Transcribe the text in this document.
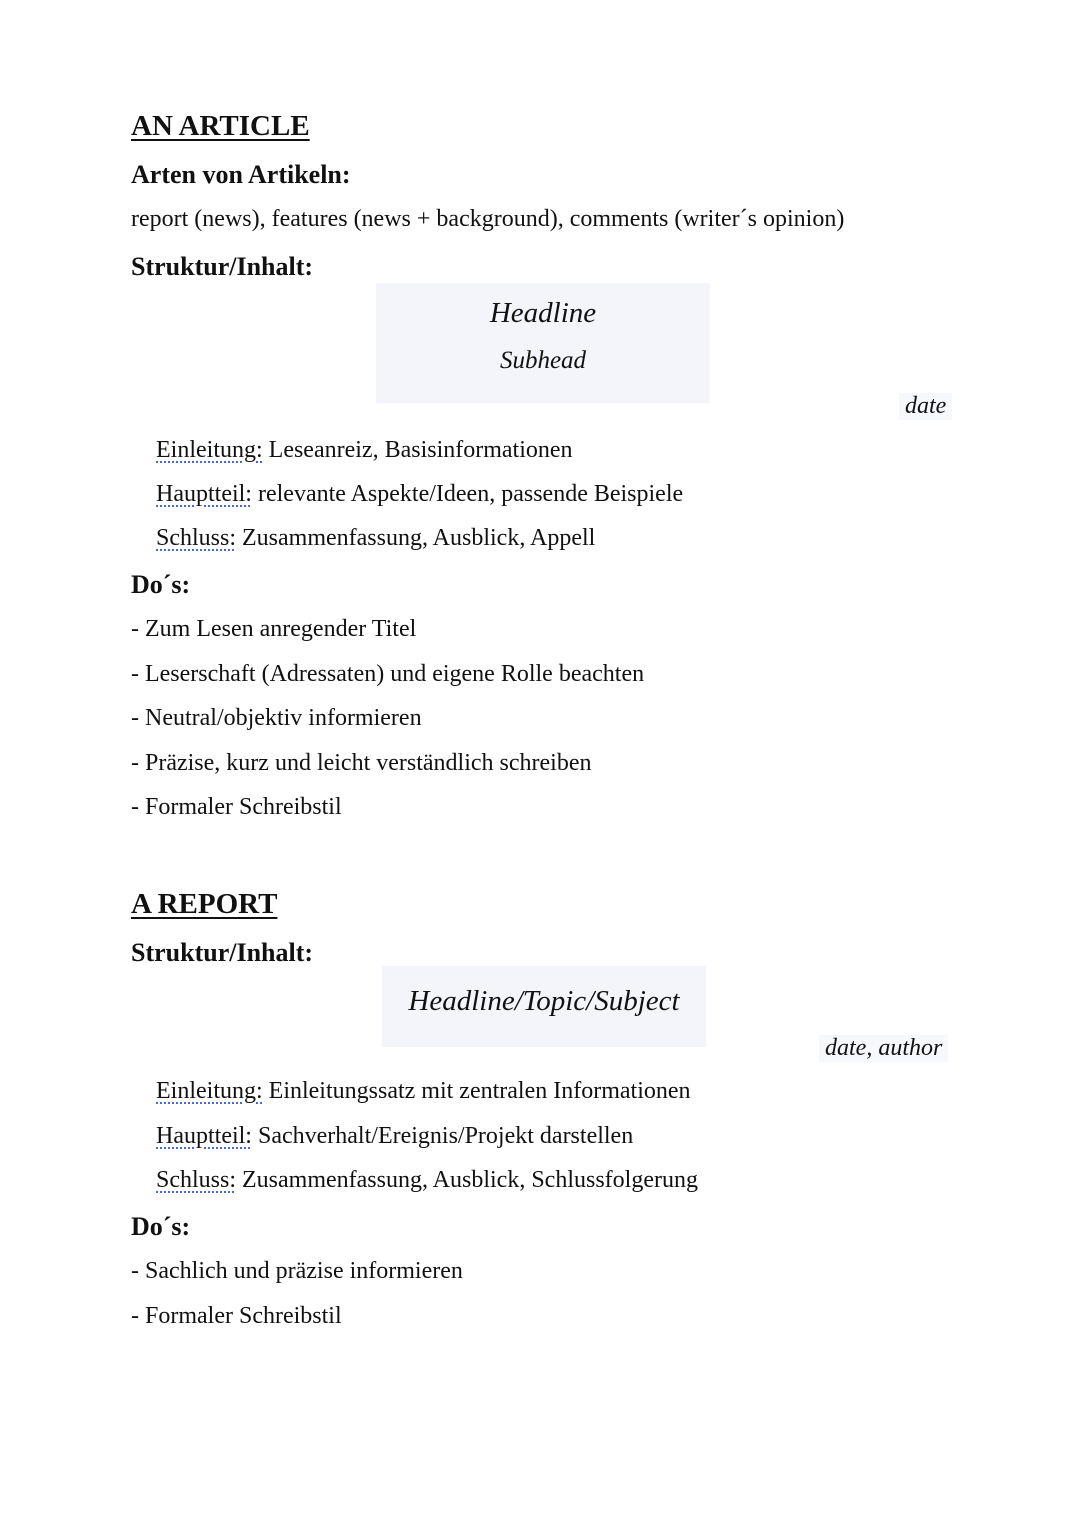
AN ARTICLE
Arten von Artikeln:
report (news), features (news + background), comments (writer´s opinion)
Struktur/Inhalt:
Headline
Subhead
date
Einleitung: Leseanreiz, Basisinformationen
Hauptteil: relevante Aspekte/Ideen, passende Beispiele
Schluss: Zusammenfassung, Ausblick, Appell
Do´s:
- Zum Lesen anregender Titel
- Leserschaft (Adressaten) und eigene Rolle beachten
- Neutral/objektiv informieren
- Präzise, kurz und leicht verständlich schreiben
- Formaler Schreibstil
A REPORT
Struktur/Inhalt:
Headline/Topic/Subject
date, author
Einleitung: Einleitungssatz mit zentralen Informationen
Hauptteil: Sachverhalt/Ereignis/Projekt darstellen
Schluss: Zusammenfassung, Ausblick, Schlussfolgerung
Do´s:
- Sachlich und präzise informieren
- Formaler Schreibstil
